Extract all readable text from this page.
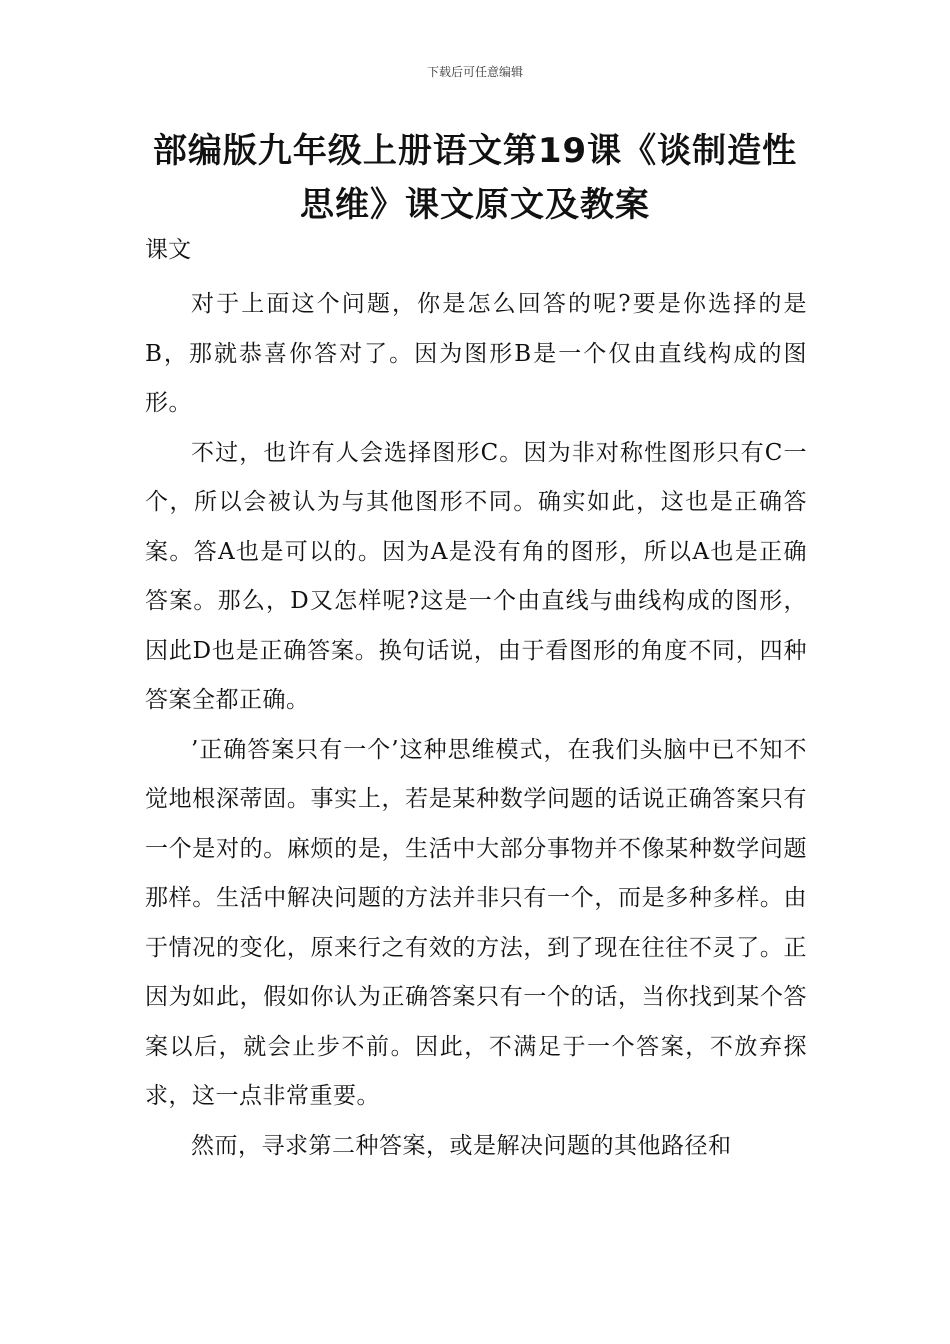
下载后可任意编辑
部编版九年级上册语文第19课《谈制造性
思维》课文原文及教案
课文

对于上面这个问题，你是怎么回答的呢?要是你选择的是B，那就恭喜你答对了。因为图形B是一个仅由直线构成的图形。

不过，也许有人会选择图形C。因为非对称性图形只有C一个，所以会被认为与其他图形不同。确实如此，这也是正确答案。答A也是可以的。因为A是没有角的图形，所以A也是正确答案。那么，D又怎样呢?这是一个由直线与曲线构成的图形，因此D也是正确答案。换句话说，由于看图形的角度不同，四种答案全都正确。

’正确答案只有一个’这种思维模式，在我们头脑中已不知不觉地根深蒂固。事实上，若是某种数学问题的话说正确答案只有一个是对的。麻烦的是，生活中大部分事物并不像某种数学问题那样。生活中解决问题的方法并非只有一个，而是多种多样。由于情况的变化，原来行之有效的方法，到了现在往往不灵了。正因为如此，假如你认为正确答案只有一个的话，当你找到某个答案以后，就会止步不前。因此，不满足于一个答案，不放弃探求，这一点非常重要。

然而，寻求第二种答案，或是解决问题的其他路径和
